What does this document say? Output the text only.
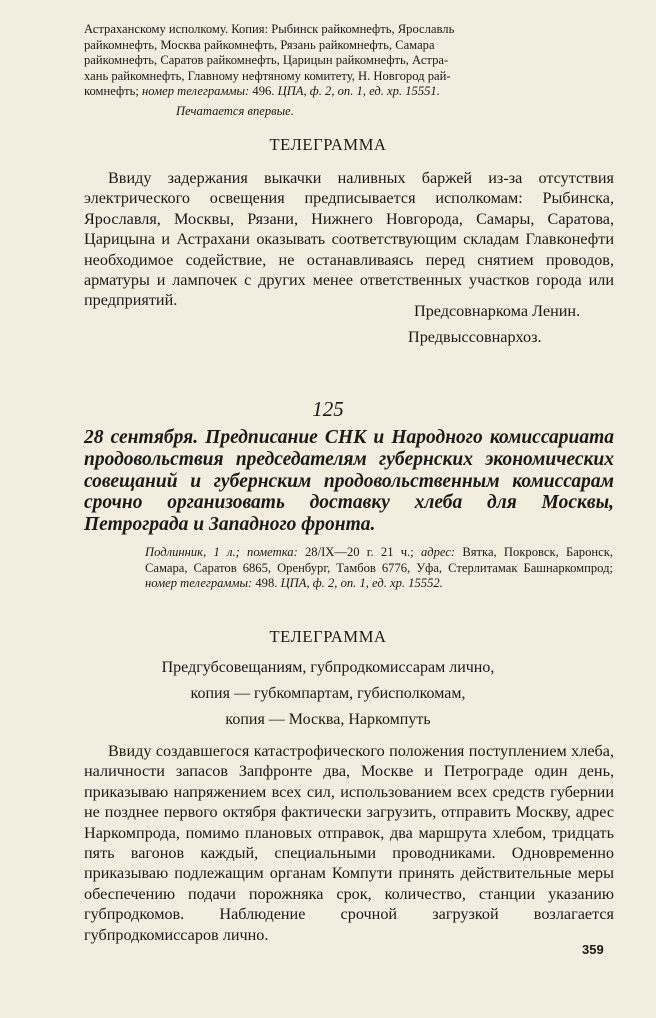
Астраханскому исполкому. Копия: Рыбинск райкомнефть, Ярославль
райкомнефть, Москва райкомнефть, Рязань райкомнефть, Самара
райкомнефть, Саратов райкомнефть, Царицын райкомнефть, Астра-
хань райкомнефть, Главному нефтяному комитету, Н. Новгород рай-
комнефть; номер телеграммы: 496. ЦПА, ф. 2, оп. 1, ед. хр. 15551.
Печатается впервые.
ТЕЛЕГРАММА
Ввиду задержания выкачки наливных баржей из-за отсутствия электрического освещения предписывается исполкомам: Рыбинска, Ярославля, Москвы, Рязани, Нижнего Новгорода, Самары, Саратова, Царицына и Астрахани оказывать соответствующим складам Главконефти необходимое содействие, не останавливаясь перед снятием проводов, арматуры и лампочек с других менее ответственных участков города или предприятий.
Предсовнаркома Ленин.
Предвыссовнархоз.
125
28 сентября. Предписание СНК и Народного комиссариата продовольствия председателям губернских экономических совещаний и губернским продовольственным комиссарам срочно организовать доставку хлеба для Москвы, Петрограда и Западного фронта.
Подлинник, 1 л.; пометка: 28/IX—20 г. 21 ч.; адрес: Вятка, Покровск, Баронск, Самара, Саратов 6865, Оренбург, Тамбов 6776, Уфа, Стерлитамак Башнаркомпрод; номер телеграммы: 498. ЦПА, ф. 2, оп. 1, ед. хр. 15552.
ТЕЛЕГРАММА
Предгубсовещаниям, губпродкомиссарам лично,
копия — губкомпартам, губисполкомам,
копия — Москва, Наркомпуть
Ввиду создавшегося катастрофического положения поступлением хлеба, наличности запасов Запфронте два, Москве и Петрограде один день, приказываю напряжением всех сил, использованием всех средств губернии не позднее первого октября фактически загрузить, отправить Москву, адрес Наркомпрода, помимо плановых отправок, два маршрута хлебом, тридцать пять вагонов каждый, специальными проводниками. Одновременно приказываю подлежащим органам Компути принять действительные меры обеспечению подачи порожняка срок, количество, станции указанию губпродкомов. Наблюдение срочной загрузкой возлагается губпродкомиссаров лично.
359
